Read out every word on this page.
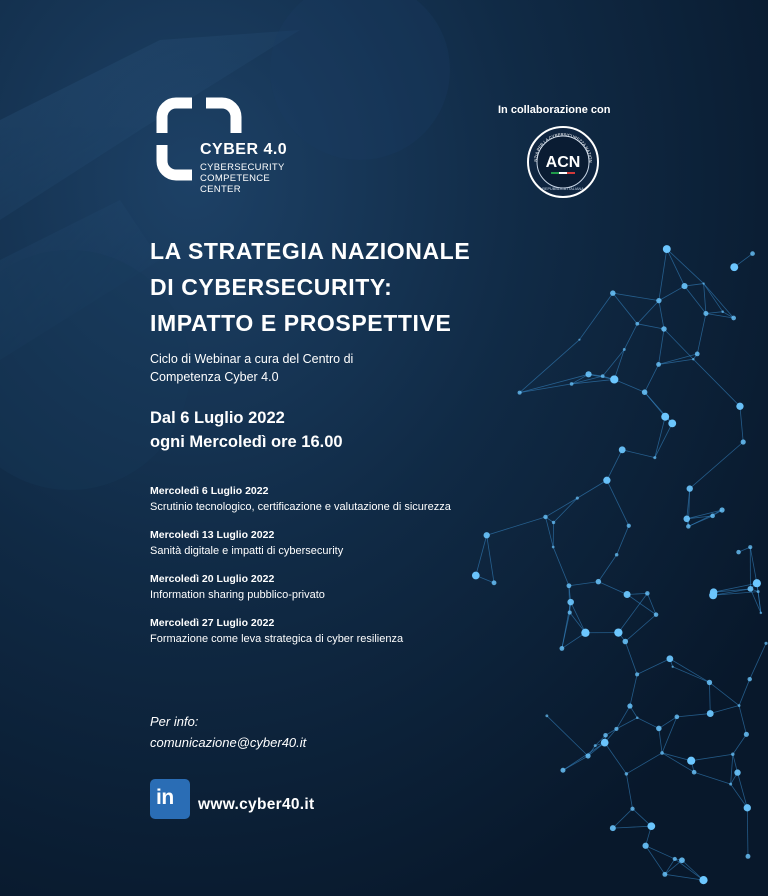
CYBER 4.0
CYBERSECURITY
COMPETENCE
CENTER
In collaborazione con
ACN
NZIA PER LA CYBERSICUREZZA NAZION
REPUBBLICA ITALIANA
LA STRATEGIA NAZIONALE
DI CYBERSECURITY:
IMPATTO E PROSPETTIVE
Ciclo di Webinar a cura del Centro di
Competenza Cyber 4.0
Dal 6 Luglio 2022
ogni Mercoledì ore 16.00
Mercoledì 6 Luglio 2022
Scrutinio tecnologico, certificazione e valutazione di sicurezza
Mercoledì 13 Luglio 2022
Sanità digitale e impatti di cybersecurity
Mercoledì 20 Luglio 2022
Information sharing pubblico-privato
Mercoledì 27 Luglio 2022
Formazione come leva strategica di cyber resilienza
Per info:
comunicazione@cyber40.it
in www.cyber40.it
